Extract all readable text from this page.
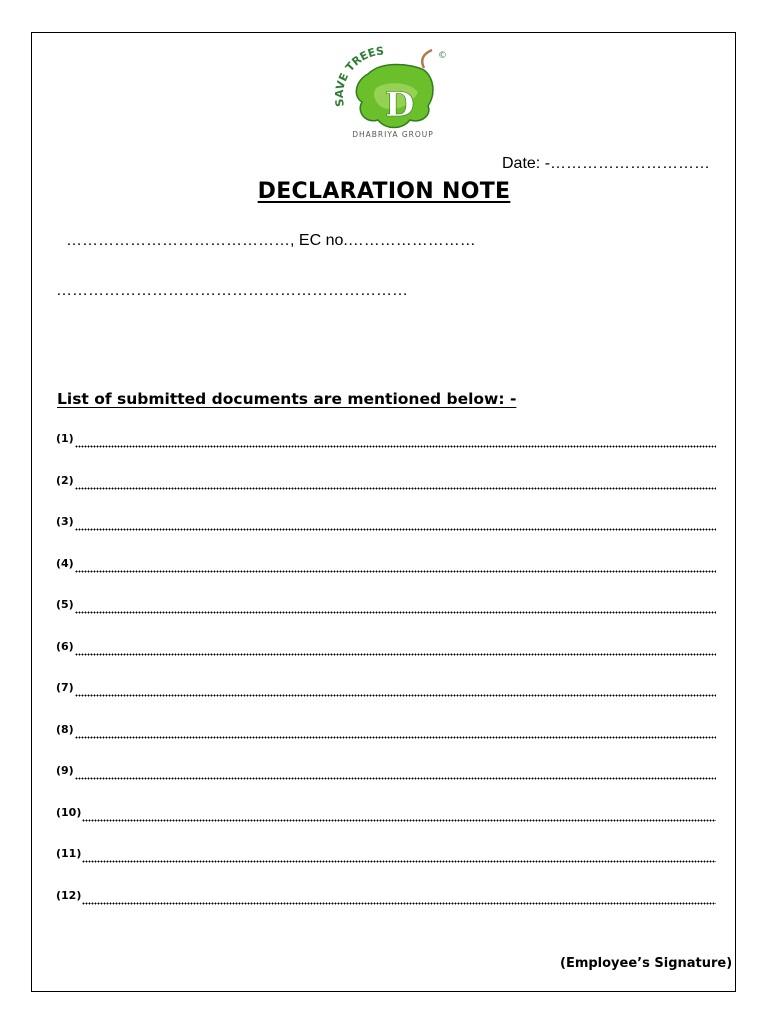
SAVE TREES
D
©
DHABRIYA GROUP
Date: -…………………………
DECLARATION NOTE
……………………………………, EC no.……………………
…………………………………………………………
List of submitted documents are mentioned below: -
(1)
(2)
(3)
(4)
(5)
(6)
(7)
(8)
(9)
(10)
(11)
(12)
(Employee’s Signature)
